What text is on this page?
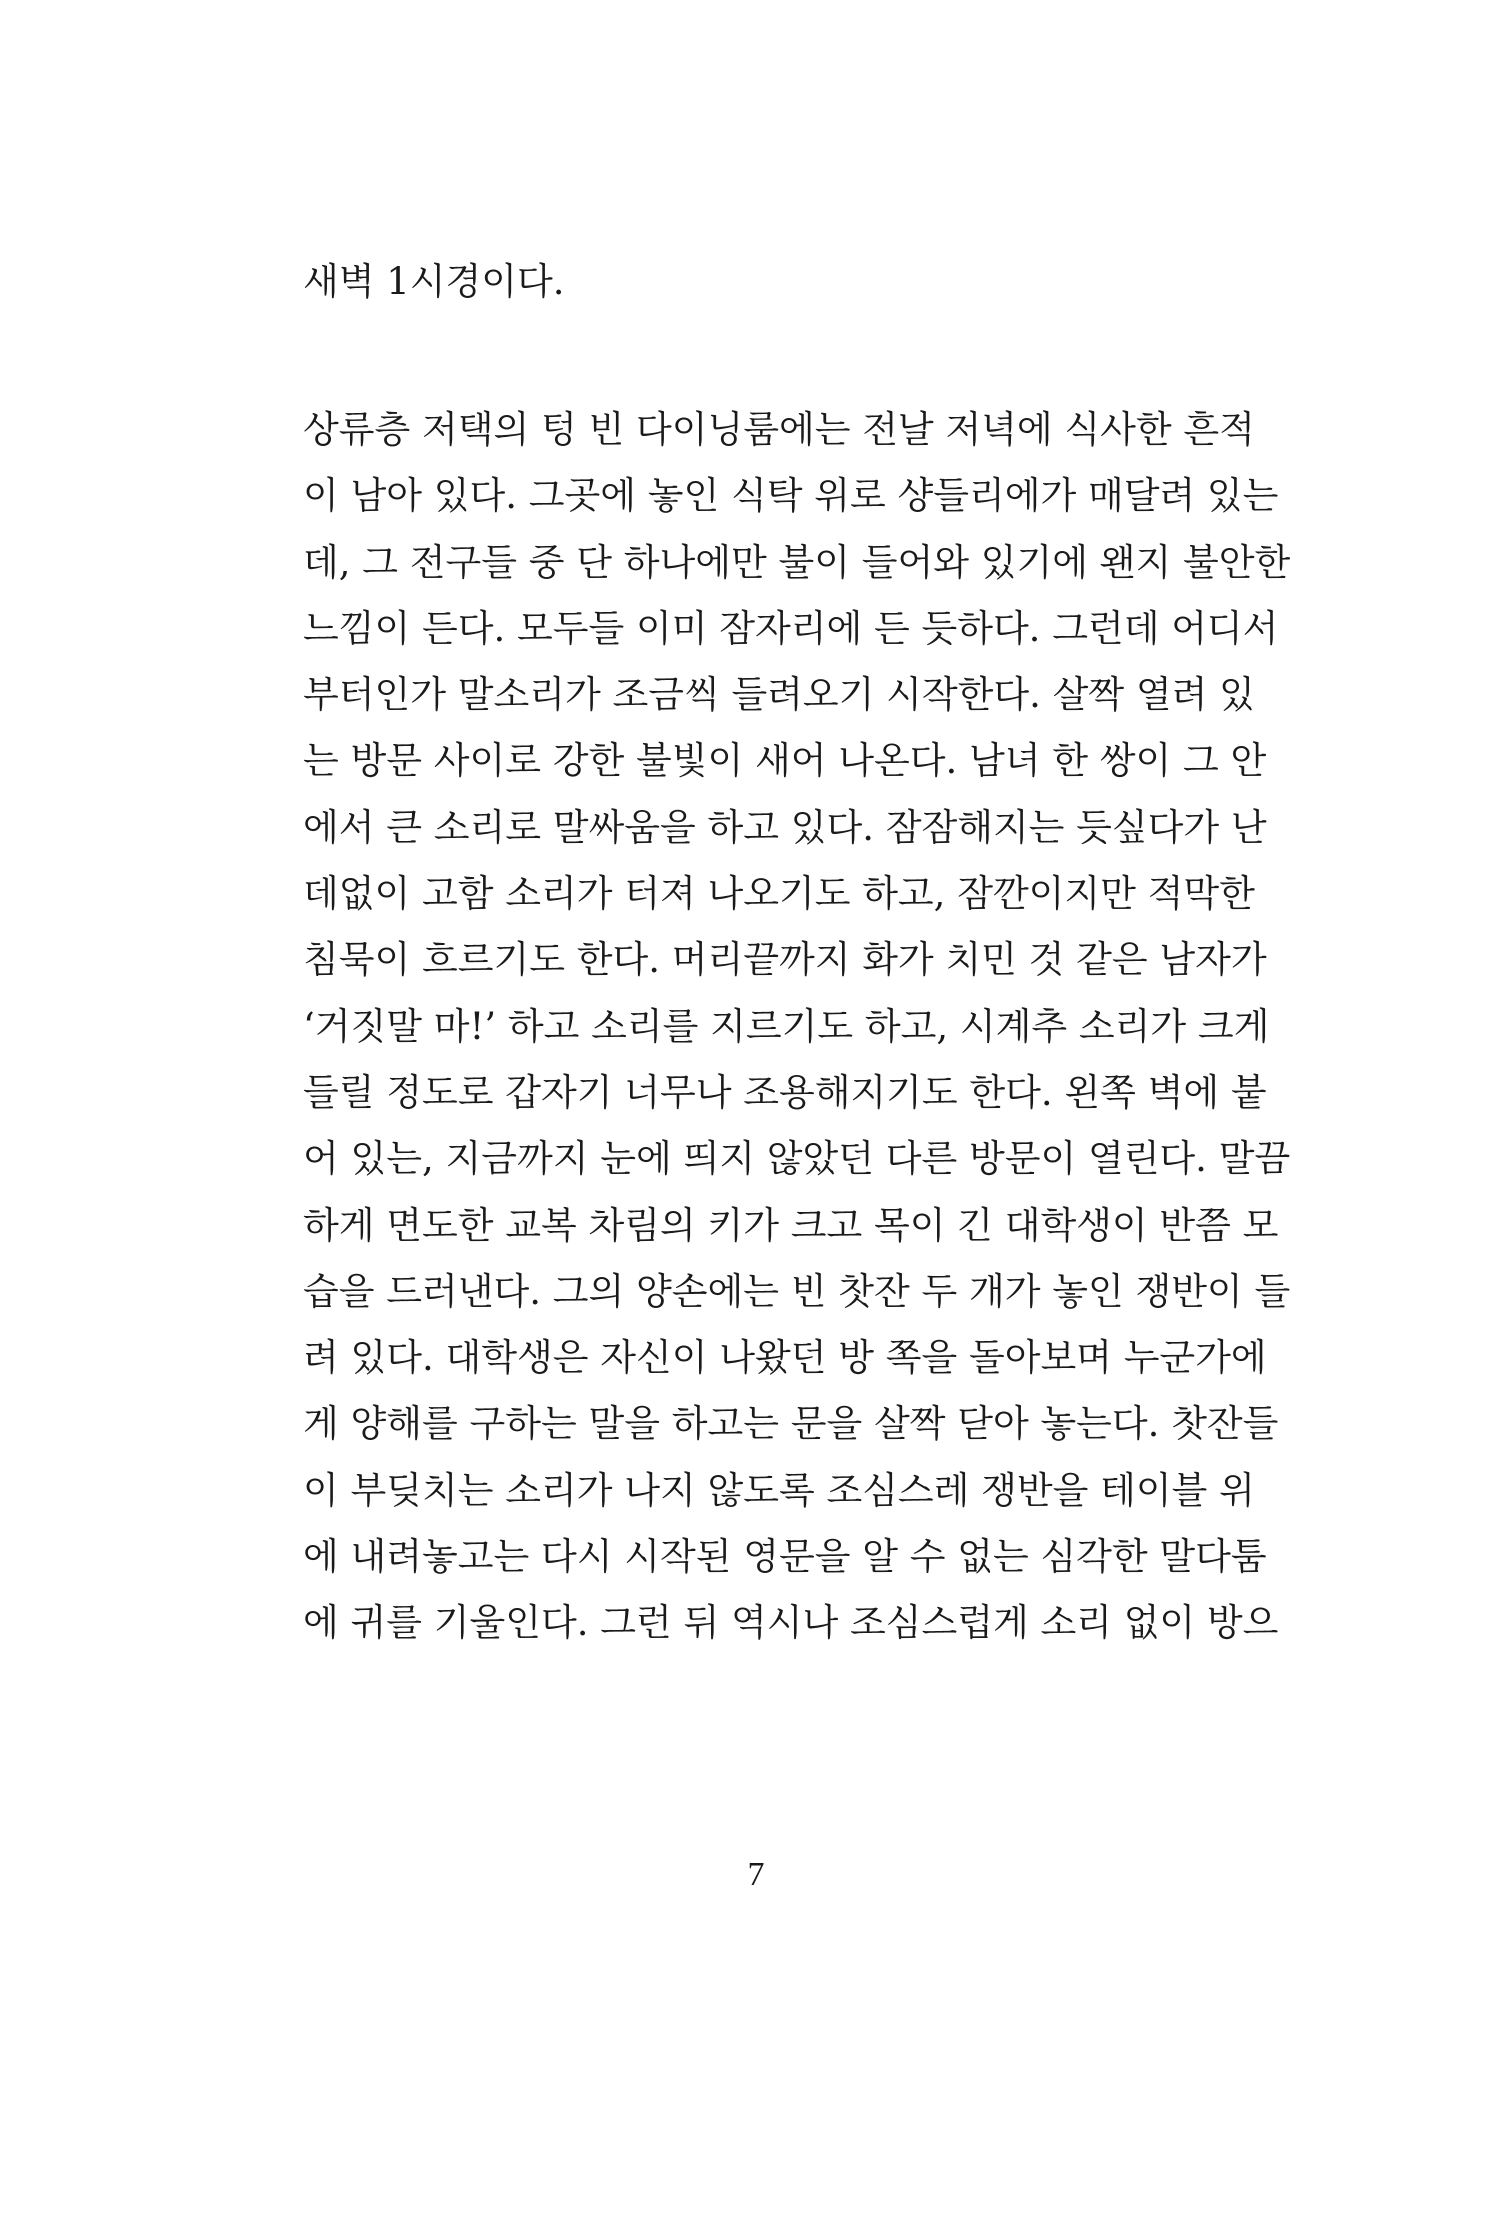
새벽 1시경이다.

상류층 저택의 텅 빈 다이닝룸에는 전날 저녁에 식사한 흔적
이 남아 있다. 그곳에 놓인 식탁 위로 샹들리에가 매달려 있는
데, 그 전구들 중 단 하나에만 불이 들어와 있기에 왠지 불안한
느낌이 든다. 모두들 이미 잠자리에 든 듯하다. 그런데 어디서
부터인가 말소리가 조금씩 들려오기 시작한다. 살짝 열려 있
는 방문 사이로 강한 불빛이 새어 나온다. 남녀 한 쌍이 그 안
에서 큰 소리로 말싸움을 하고 있다. 잠잠해지는 듯싶다가 난
데없이 고함 소리가 터져 나오기도 하고, 잠깐이지만 적막한
침묵이 흐르기도 한다. 머리끝까지 화가 치민 것 같은 남자가
‘거짓말 마!’ 하고 소리를 지르기도 하고, 시계추 소리가 크게
들릴 정도로 갑자기 너무나 조용해지기도 한다. 왼쪽 벽에 붙
어 있는, 지금까지 눈에 띄지 않았던 다른 방문이 열린다. 말끔
하게 면도한 교복 차림의 키가 크고 목이 긴 대학생이 반쯤 모
습을 드러낸다. 그의 양손에는 빈 찻잔 두 개가 놓인 쟁반이 들
려 있다. 대학생은 자신이 나왔던 방 쪽을 돌아보며 누군가에
게 양해를 구하는 말을 하고는 문을 살짝 닫아 놓는다. 찻잔들
이 부딪치는 소리가 나지 않도록 조심스레 쟁반을 테이블 위
에 내려놓고는 다시 시작된 영문을 알 수 없는 심각한 말다툼
에 귀를 기울인다. 그런 뒤 역시나 조심스럽게 소리 없이 방으

7
